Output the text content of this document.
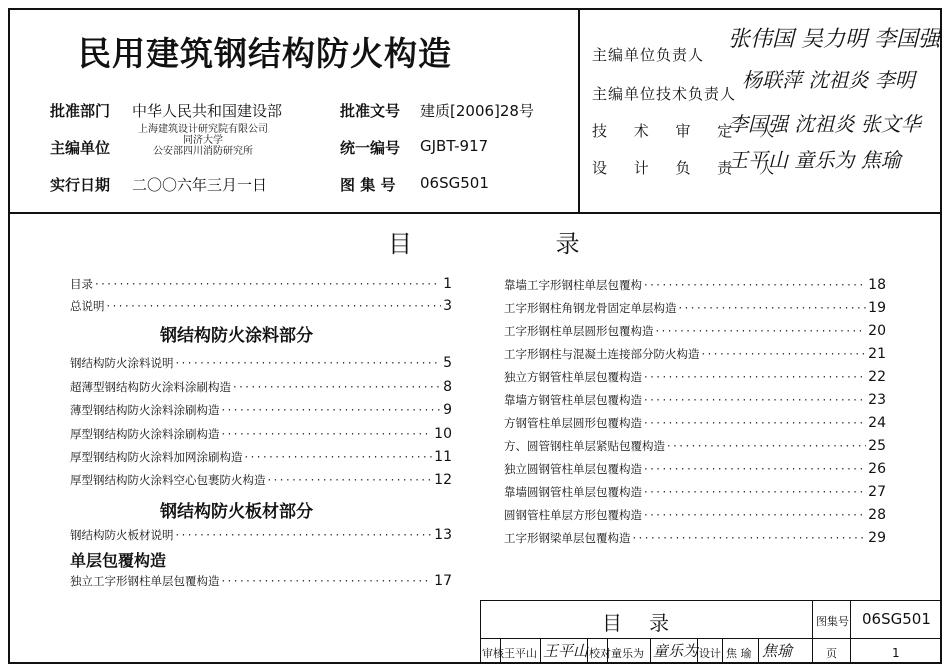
民用建筑钢结构防火构造
批准部门 中华人民共和国建设部	批准文号 建质[2006]28号
主编单位
上海建筑设计研究院有限公司
同济大学
公安部四川消防研究所	统一编号 GJBT-917
实行日期 二〇〇六年三月一日	图 集 号 06SG501
主编单位负责人
张伟国 吴力明 李国强
主编单位技术负责人
杨联萍 沈祖炎 李明
技 术 审 定 人
李国强 沈祖炎 张文华
设 计 负 责 人
王平山 童乐为 焦瑜
目	录
目录 ·····	1
总说明 ·····	3
钢结构防火涂料部分
钢结构防火涂料说明 ·····	5
超薄型钢结构防火涂料涂刷构造 ·····	8
薄型钢结构防火涂料涂刷构造 ·····	9
厚型钢结构防火涂料涂刷构造 ·····	10
厚型钢结构防火涂料加网涂刷构造 ·····	11
厚型钢结构防火涂料空心包裹防火构造 ·····	12
钢结构防火板材部分
钢结构防火板材说明 ·····	13
单层包覆构造
独立工字形钢柱单层包覆构造 ·····	17
靠墙工字形钢柱单层包覆构 ·····	18
工字形钢柱角钢龙骨固定单层构造 ·····	19
工字形钢柱单层圆形包覆构造 ·····	20
工字形钢柱与混凝土连接部分防火构造 ·····	21
独立方钢管柱单层包覆构造 ·····	22
靠墙方钢管柱单层包覆构造 ·····	23
方钢管柱单层圆形包覆构造 ·····	24
方、圆管钢柱单层紧贴包覆构造 ·····	25
独立圆钢管柱单层包覆构造 ·····	26
靠墙圆钢管柱单层包覆构造 ·····	27
圆钢管柱单层方形包覆构造 ·····	28
工字形钢梁单层包覆构造 ·····	29
目   录	图集号 06SG501
审核 王平山 王平山 校对 童乐为 童乐为 设计 焦 瑜 焦瑜	页	1
